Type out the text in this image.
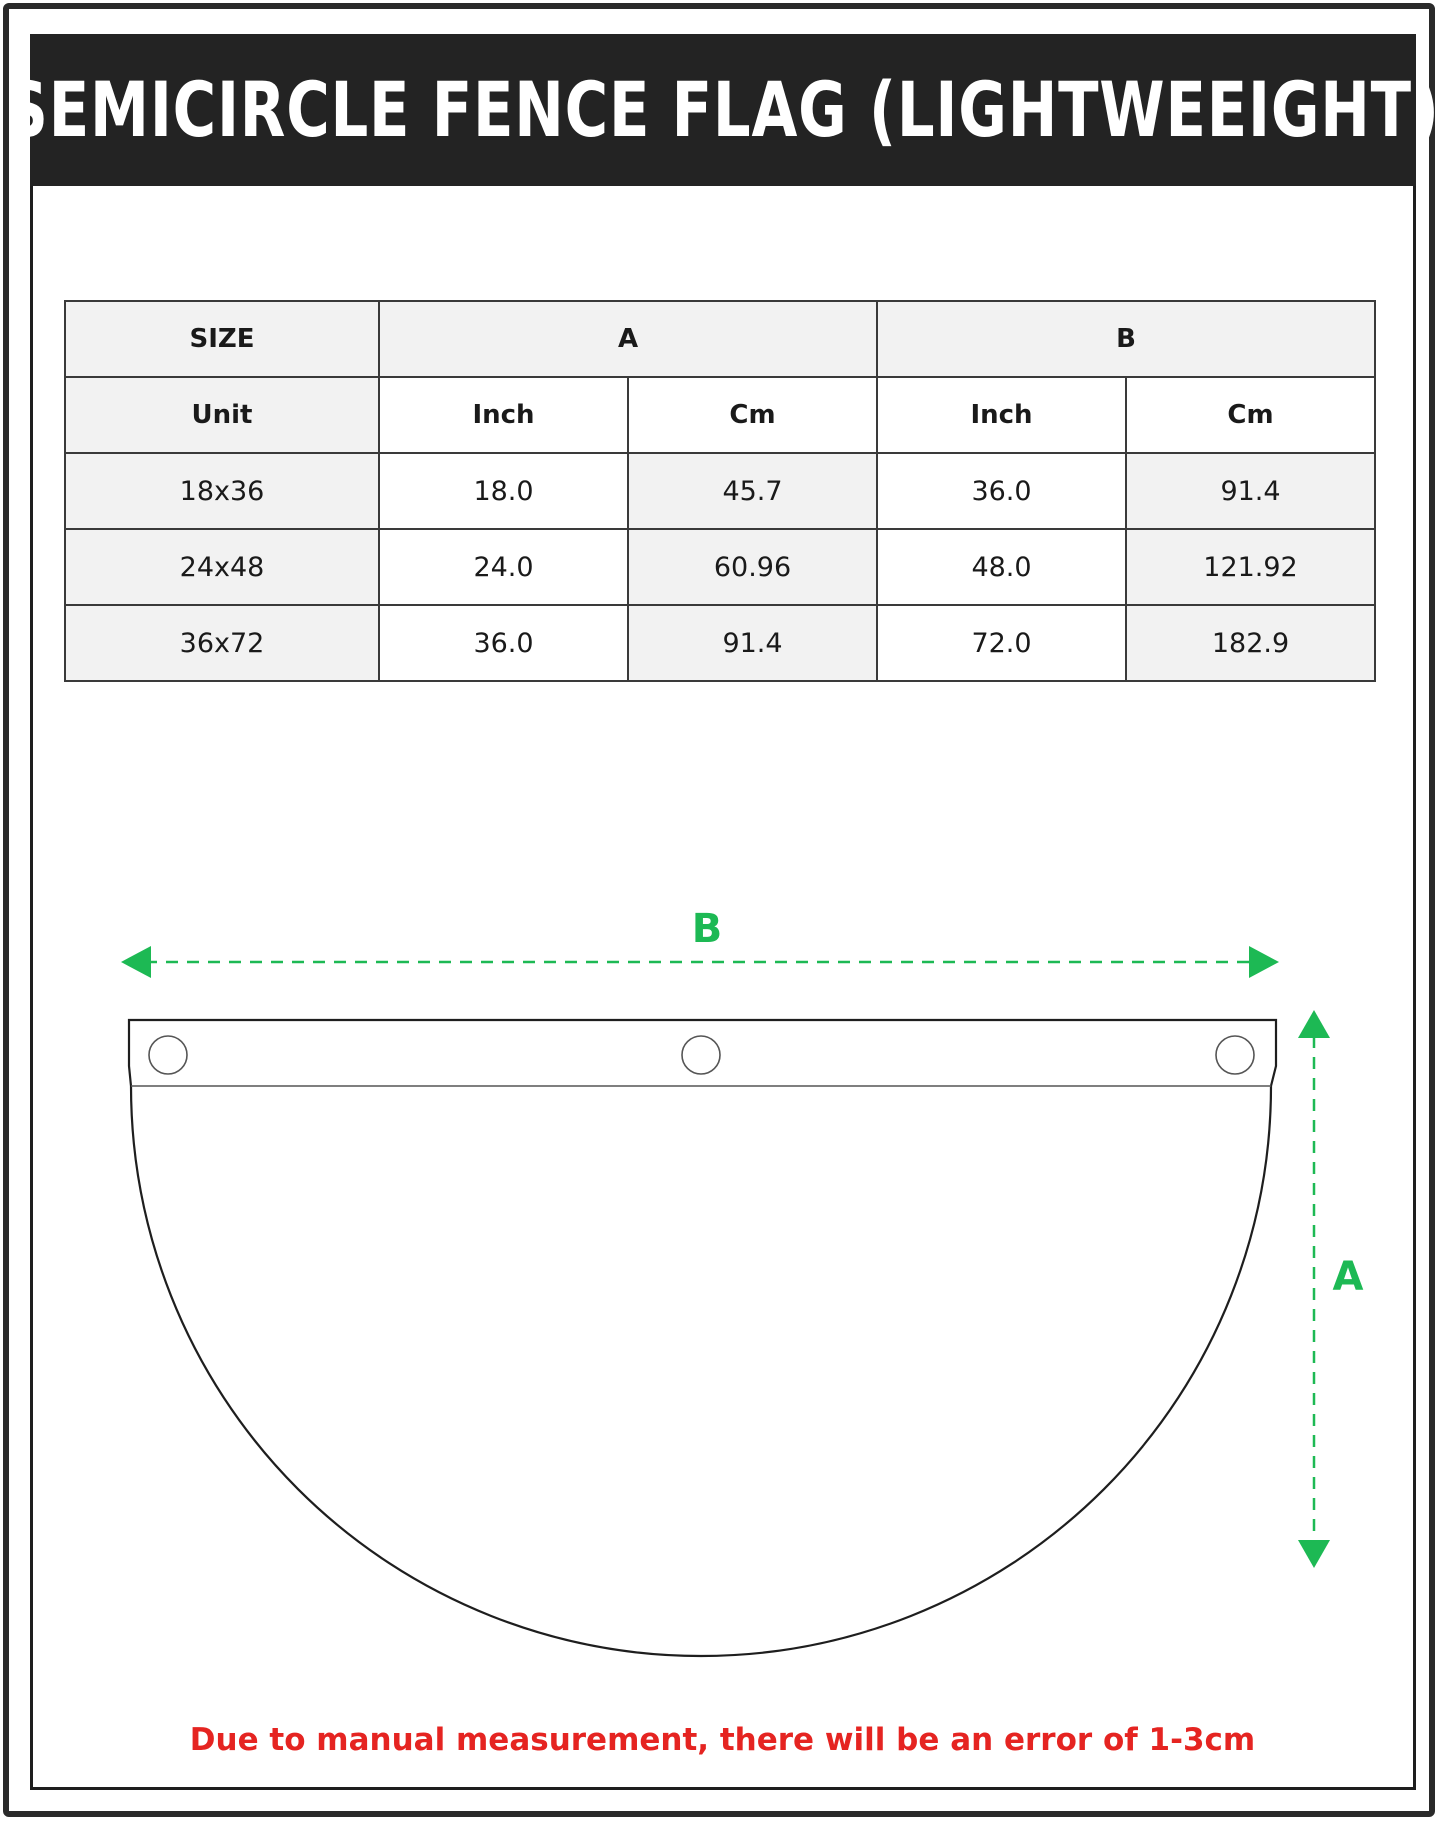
SEMICIRCLE FENCE FLAG (LIGHTWEEIGHT)
SIZE	A		B	
Unit	Inch	Cm	Inch	Cm
18x36	18.0	45.7	36.0	91.4
24x48	24.0	60.96	48.0	121.92
36x72	36.0	91.4	72.0	182.9
B
A
Due to manual measurement, there will be an error of 1-3cm
